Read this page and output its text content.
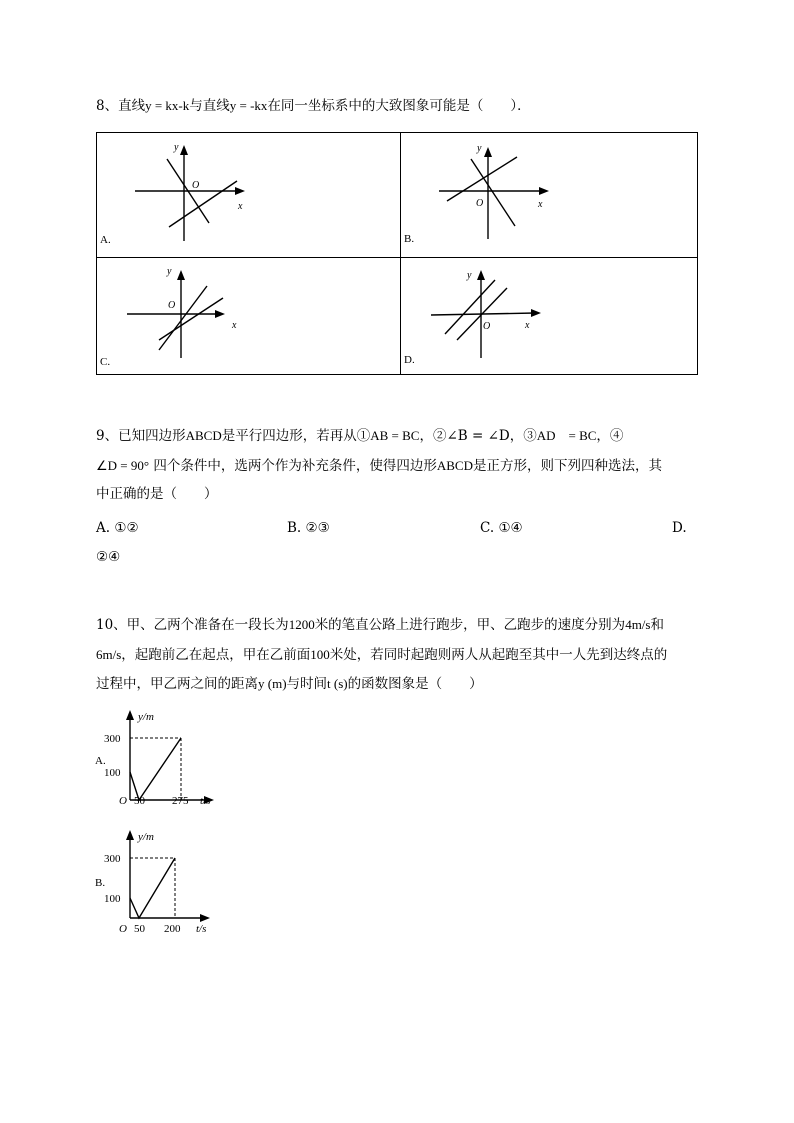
8、直线y = kx-k与直线y = -kx在同一坐标系中的大致图象可能是（　　）．
y
x
O
A.
y
x
O
B.
y
x
O
C.
y
x
O
D.
9、已知四边形ABCD是平行四边形，若再从①AB = BC，②∠B = ∠D，③AD　= BC，④
∠D = 90° 四个条件中，选两个作为补充条件，使得四边形ABCD是正方形，则下列四种选法，其
中正确的是（　　）
A. ①②	B. ②③	C. ①④	D.
②④
10、甲、乙两个准备在一段长为1200米的笔直公路上进行跑步，甲、乙跑步的速度分别为4m/s和
6m/s，起跑前乙在起点，甲在乙前面100米处，若同时起跑则两人从起跑至其中一人先到达终点的
过程中，甲乙两之间的距离y (m)与时间t (s)的函数图象是（　　）
y/m
300
100
O 50 275 t/s
A.
y/m
300
100
O 50 200 t/s
B.
